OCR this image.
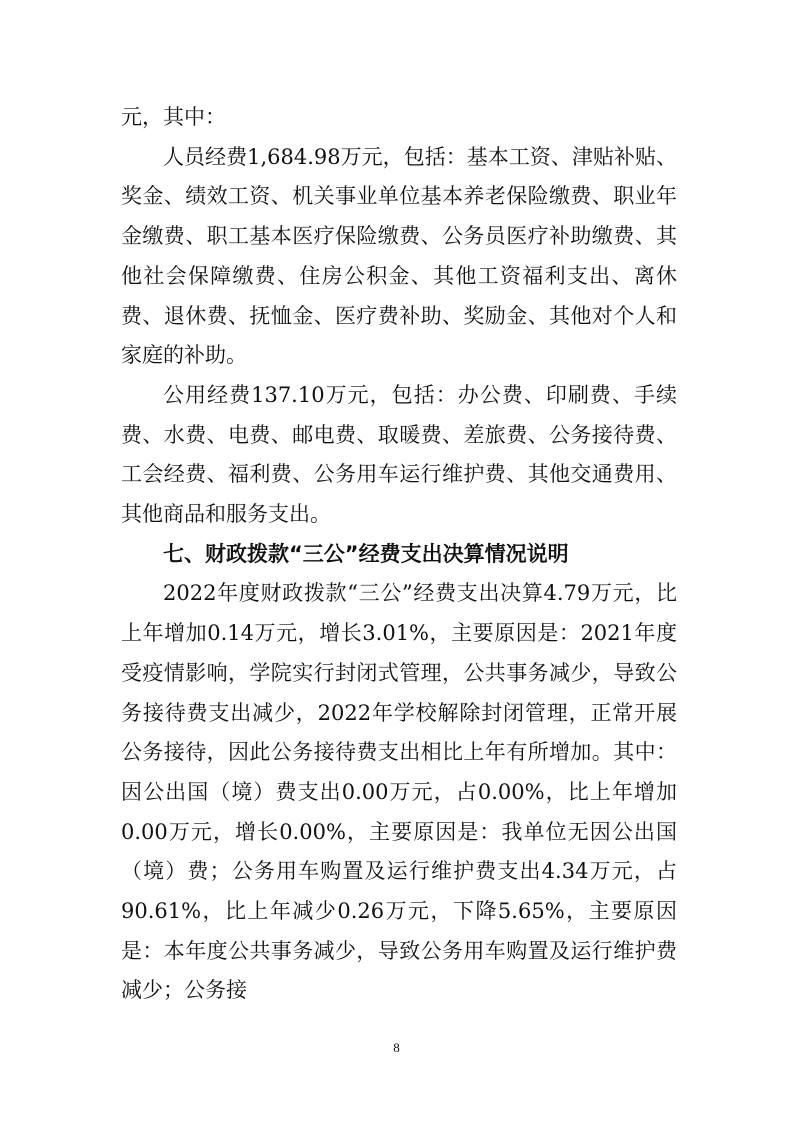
元，其中：

人员经费1,684.98万元，包括：基本工资、津贴补贴、奖金、绩效工资、机关事业单位基本养老保险缴费、职业年金缴费、职工基本医疗保险缴费、公务员医疗补助缴费、其他社会保障缴费、住房公积金、其他工资福利支出、离休费、退休费、抚恤金、医疗费补助、奖励金、其他对个人和家庭的补助。

公用经费137.10万元，包括：办公费、印刷费、手续费、水费、电费、邮电费、取暖费、差旅费、公务接待费、工会经费、福利费、公务用车运行维护费、其他交通费用、其他商品和服务支出。

七、财政拨款“三公”经费支出决算情况说明

2022年度财政拨款“三公”经费支出决算4.79万元，比上年增加0.14万元，增长3.01%，主要原因是：2021年度受疫情影响，学院实行封闭式管理，公共事务减少，导致公务接待费支出减少，2022年学校解除封闭管理，正常开展公务接待，因此公务接待费支出相比上年有所增加。其中：因公出国（境）费支出0.00万元，占0.00%，比上年增加0.00万元，增长0.00%，主要原因是：我单位无因公出国（境）费；公务用车购置及运行维护费支出4.34万元，占90.61%，比上年减少0.26万元，下降5.65%，主要原因是：本年度公共事务减少，导致公务用车购置及运行维护费减少；公务接

8
